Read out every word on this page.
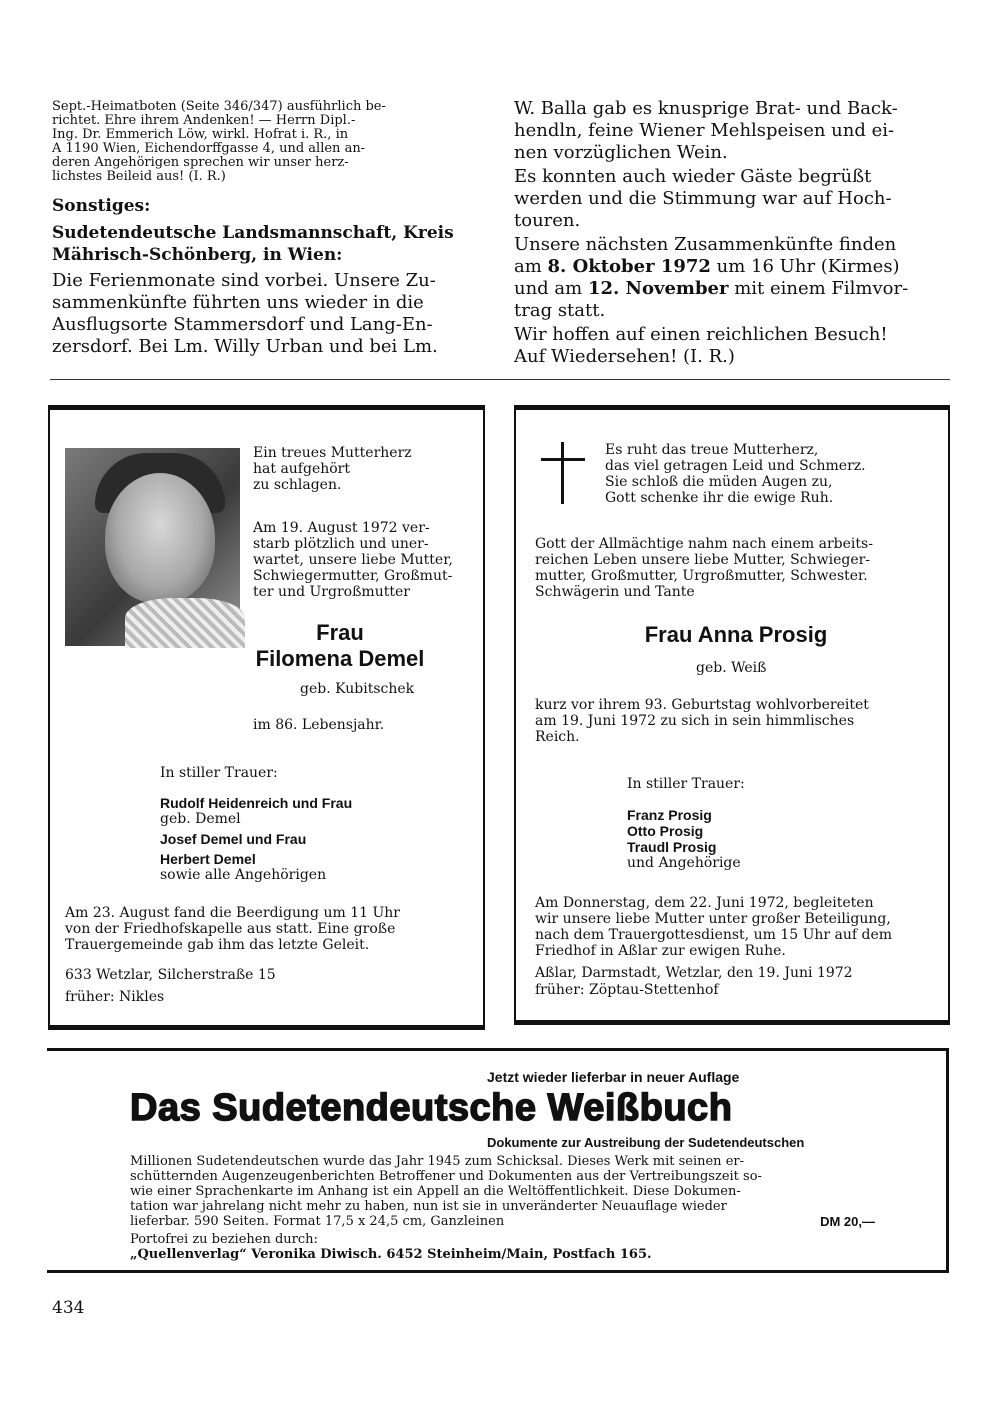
Sept.-Heimatboten (Seite 346/347) ausführlich be-
richtet. Ehre ihrem Andenken! — Herrn Dipl.-
Ing. Dr. Emmerich Löw, wirkl. Hofrat i. R., in
A 1190 Wien, Eichendorffgasse 4, und allen an-
deren Angehörigen sprechen wir unser herz-
lichstes Beileid aus! (I. R.)
Sonstiges:
Sudetendeutsche Landsmannschaft, Kreis
Mährisch-Schönberg, in Wien:
Die Ferienmonate sind vorbei. Unsere Zu-
sammenkünfte führten uns wieder in die
Ausflugsorte Stammersdorf und Lang-En-
zersdorf. Bei Lm. Willy Urban und bei Lm.
W. Balla gab es knusprige Brat- und Back-
hendln, feine Wiener Mehlspeisen und ei-
nen vorzüglichen Wein.
Es konnten auch wieder Gäste begrüßt
werden und die Stimmung war auf Hoch-
touren.
Unsere nächsten Zusammenkünfte finden
am 8. Oktober 1972 um 16 Uhr (Kirmes)
und am 12. November mit einem Filmvor-
trag statt.
Wir hoffen auf einen reichlichen Besuch!
Auf Wiedersehen! (I. R.)
Ein treues Mutterherz
hat aufgehört
zu schlagen.
Am 19. August 1972 ver-
starb plötzlich und uner-
wartet, unsere liebe Mutter,
Schwiegermutter, Großmut-
ter und Urgroßmutter
Frau
Filomena Demel
geb. Kubitschek
im 86. Lebensjahr.
In stiller Trauer:
Rudolf Heidenreich und Frau
geb. Demel
Josef Demel und Frau
Herbert Demel
sowie alle Angehörigen
Am 23. August fand die Beerdigung um 11 Uhr
von der Friedhofskapelle aus statt. Eine große
Trauergemeinde gab ihm das letzte Geleit.
633 Wetzlar, Silcherstraße 15
früher: Nikles
Es ruht das treue Mutterherz,
das viel getragen Leid und Schmerz.
Sie schloß die müden Augen zu,
Gott schenke ihr die ewige Ruh.
Gott der Allmächtige nahm nach einem arbeits-
reichen Leben unsere liebe Mutter, Schwieger-
mutter, Großmutter, Urgroßmutter, Schwester.
Schwägerin und Tante
Frau Anna Prosig
geb. Weiß
kurz vor ihrem 93. Geburtstag wohlvorbereitet
am 19. Juni 1972 zu sich in sein himmlisches
Reich.
In stiller Trauer:
Franz Prosig
Otto Prosig
Traudl Prosig
und Angehörige
Am Donnerstag, dem 22. Juni 1972, begleiteten
wir unsere liebe Mutter unter großer Beteiligung,
nach dem Trauergottesdienst, um 15 Uhr auf dem
Friedhof in Aßlar zur ewigen Ruhe.
Aßlar, Darmstadt, Wetzlar, den 19. Juni 1972
früher: Zöptau-Stettenhof
Jetzt wieder lieferbar in neuer Auflage
Das Sudetendeutsche Weißbuch
Dokumente zur Austreibung der Sudetendeutschen
Millionen Sudetendeutschen wurde das Jahr 1945 zum Schicksal. Dieses Werk mit seinen er-
schütternden Augenzeugenberichten Betroffener und Dokumenten aus der Vertreibungszeit so-
wie einer Sprachenkarte im Anhang ist ein Appell an die Weltöffentlichkeit. Diese Dokumen-
tation war jahrelang nicht mehr zu haben, nun ist sie in unveränderter Neuauflage wieder
lieferbar. 590 Seiten. Format 17,5 x 24,5 cm, Ganzleinen	DM 20,—
Portofrei zu beziehen durch:
„Quellenverlag“ Veronika Diwisch. 6452 Steinheim/Main, Postfach 165.
434
